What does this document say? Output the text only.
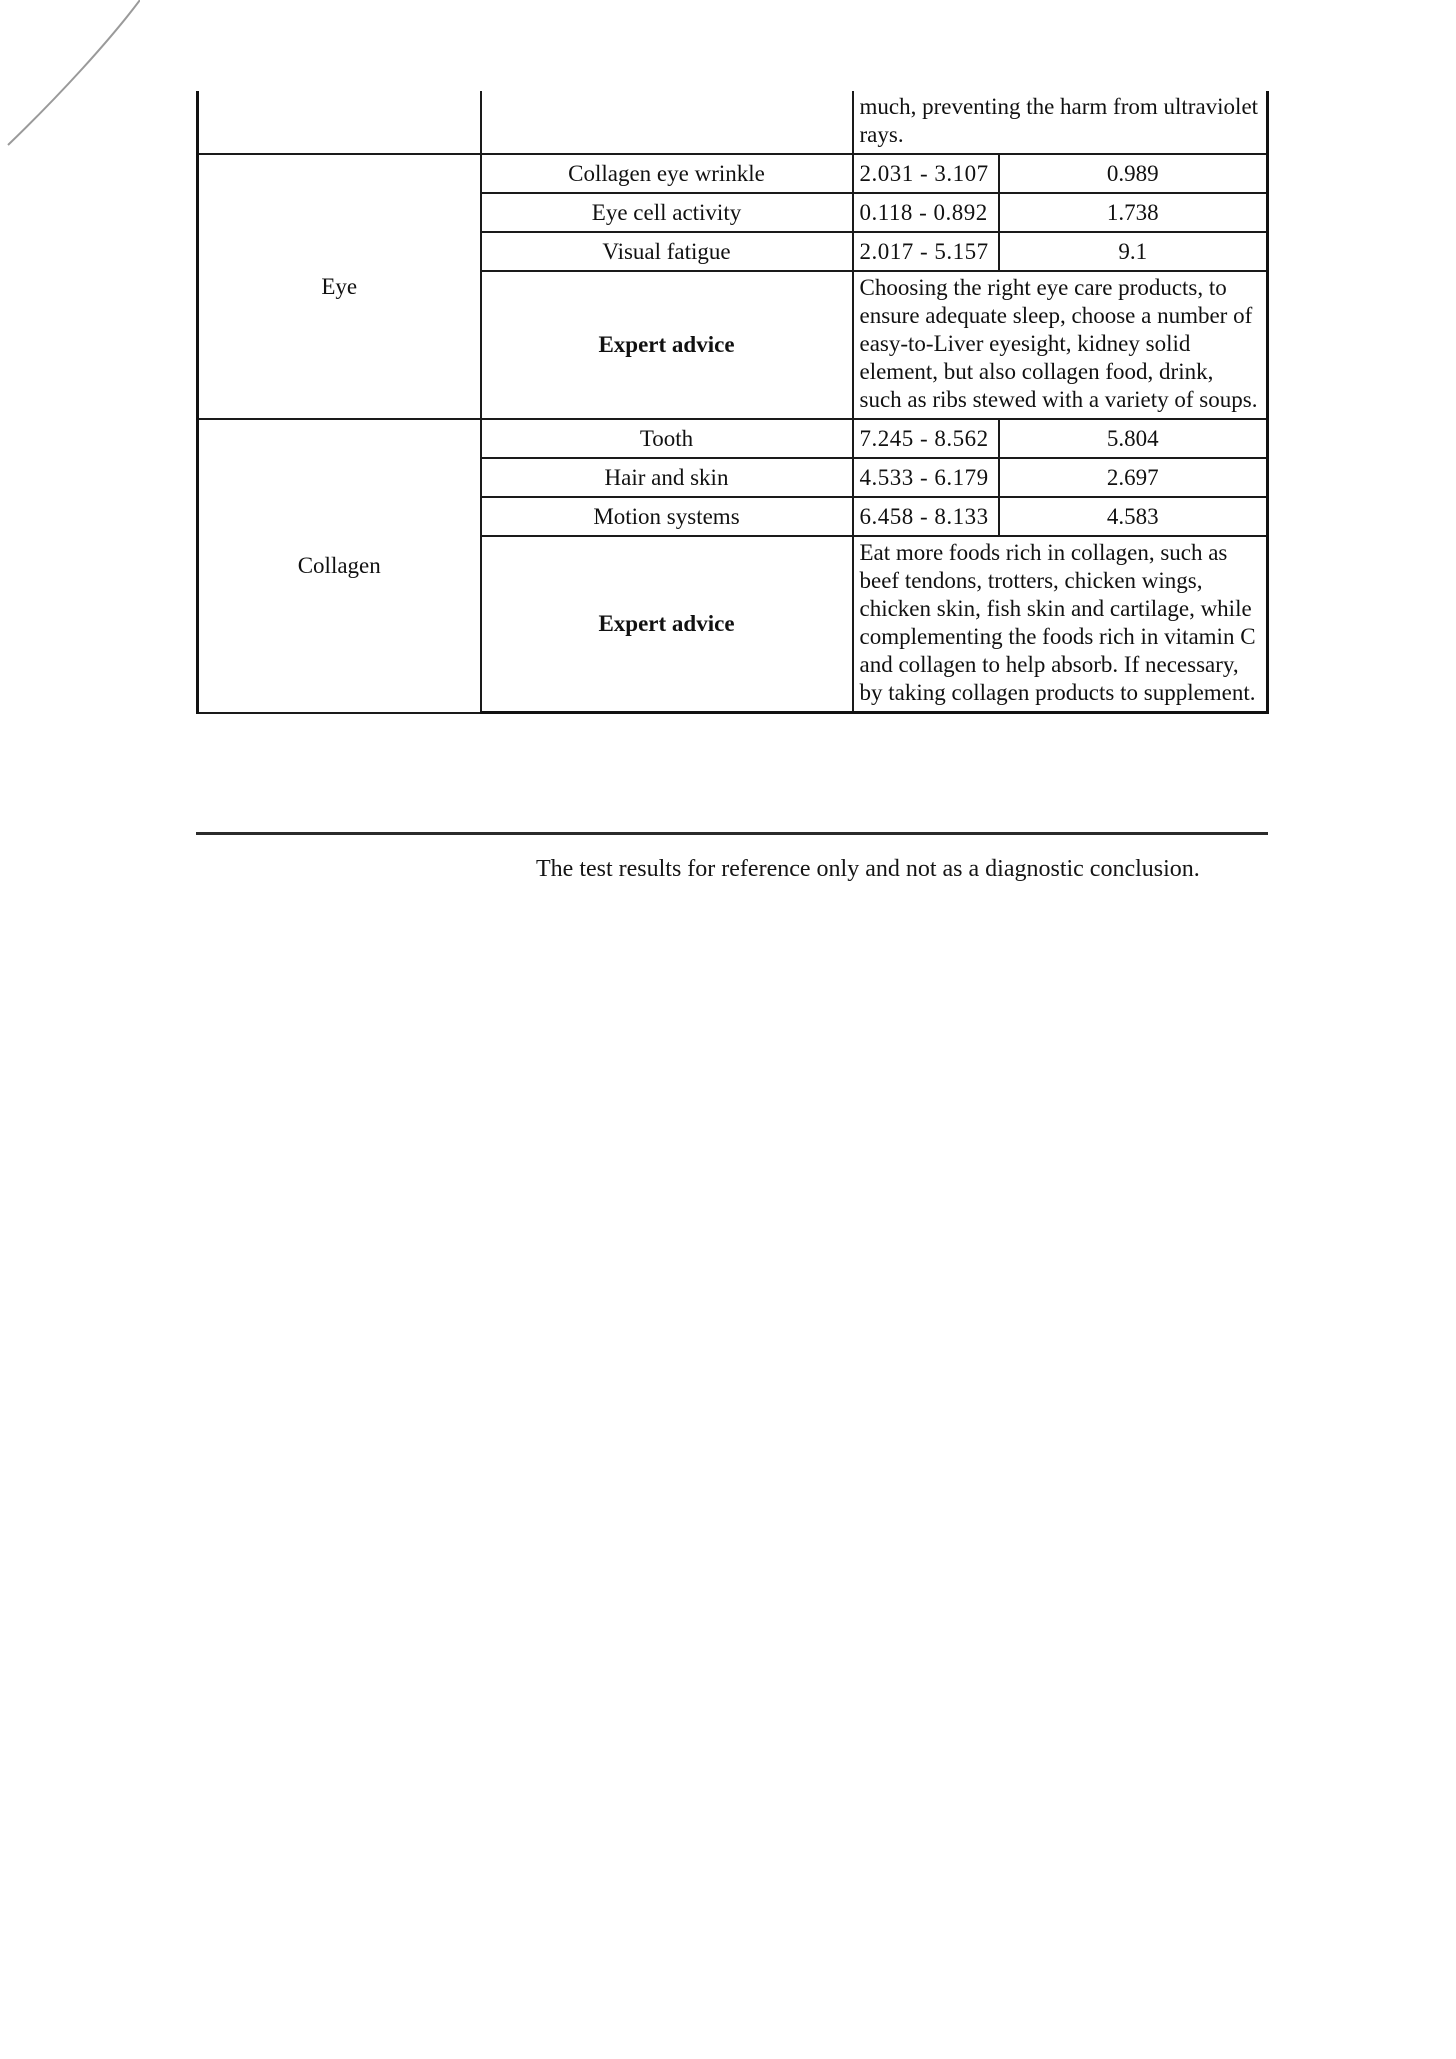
		much, preventing the harm from ultraviolet rays.	
Eye	Collagen eye wrinkle	2.031 - 3.107	0.989
	Eye cell activity	0.118 - 0.892	1.738
	Visual fatigue	2.017 - 5.157	9.1
	Expert advice	Choosing the right eye care products, to ensure adequate sleep, choose a number of easy-to-Liver eyesight, kidney solid element, but also collagen food, drink, such as ribs stewed with a variety of soups.	
Collagen	Tooth	7.245 - 8.562	5.804
	Hair and skin	4.533 - 6.179	2.697
	Motion systems	6.458 - 8.133	4.583
	Expert advice	Eat more foods rich in collagen, such as beef tendons, trotters, chicken wings, chicken skin, fish skin and cartilage, while complementing the foods rich in vitamin C and collagen to help absorb. If necessary, by taking collagen products to supplement.	
The test results for reference only and not as a diagnostic conclusion.
